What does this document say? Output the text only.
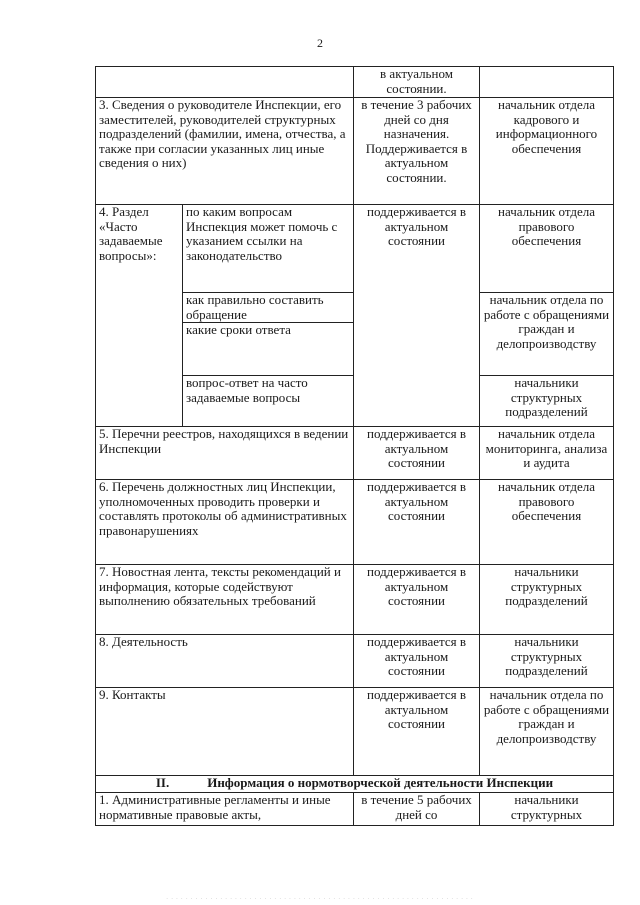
2
		в актуальном состоянии.	
3. Сведения о руководителе Инспекции, его заместителей, руководителей структурных подразделений (фамилии, имена, отчества, а также при согласии указанных лиц иные сведения о них)		в течение 3 рабочих дней со дня назначения. Поддерживается в актуальном состоянии.	начальник отдела кадрового и информационного обеспечения
4. Раздел «Часто задаваемые вопросы»:	по каким вопросам Инспекция может помочь с указанием ссылки на законодательство	поддерживается в актуальном состоянии	начальник отдела правового обеспечения
	как правильно составить обращение		начальник отдела по работе с обращениями граждан и делопроизводству
	какие сроки ответа		
	вопрос-ответ на часто задаваемые вопросы		начальники структурных подразделений
5. Перечни реестров, находящихся в ведении Инспекции		поддерживается в актуальном состоянии	начальник отдела мониторинга, анализа и аудита
6. Перечень должностных лиц Инспекции, уполномоченных проводить проверки и составлять протоколы об административных правонарушениях		поддерживается в актуальном состоянии	начальник отдела правового обеспечения
7. Новостная лента, тексты рекомендаций и информация, которые содействуют выполнению обязательных требований		поддерживается в актуальном состоянии	начальники структурных подразделений
8. Деятельность		поддерживается в актуальном состоянии	начальники структурных подразделений
9. Контакты		поддерживается в актуальном состоянии	начальник отдела по работе с обращениями граждан и делопроизводству
II. Информация о нормотворческой деятельности Инспекции			
1. Административные регламенты и иные нормативные правовые акты,		в течение 5 рабочих дней со	начальники структурных
· · · · · · · · · · · · · · · · · · · · · · · · · · · · · · · · · · · · · · · · · · · · · · · · · · · · · · · · · · · · · · ·
